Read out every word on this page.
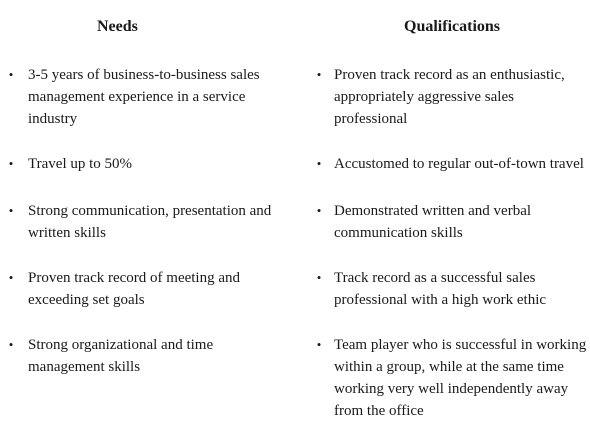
Needs
• 3-5 years of business-to-business sales
management experience in a service
industry
• Travel up to 50%
• Strong communication, presentation and
written skills
• Proven track record of meeting and
exceeding set goals
• Strong organizational and time
management skills
Qualifications
• Proven track record as an enthusiastic,
appropriately aggressive sales professional
• Accustomed to regular out-of-town travel
• Demonstrated written and verbal
communication skills
• Track record as a successful sales
professional with a high work ethic
• Team player who is successful in working
within a group, while at the same time
working very well independently away
from the office
